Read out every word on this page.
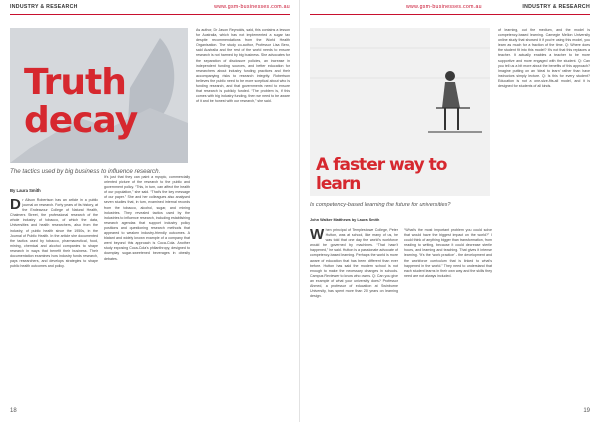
INDUSTRY & RESEARCH	www.gsm-businesses.com.au
Truth decay
The tactics used by big business to influence research.
By Laura Smith

Dr Alison Robertson has an article in a public journal on research. Forty years of its history, at the Endeavour College of Natural Health, Chalmers Street, the professional research of the whole industry of tobacco, of which the data, Universities and health researchers, also from the industry, of public health since the 1950s, in the Journal of Public Health. In the article she documented the tactics used by tobacco, pharmaceutical, food, mining, chemical and alcohol companies to shape research in ways that benefit their business. Their documentation examines how industry funds research, pays researchers, and develops strategies to shape public health outcomes and policy.

It's just that they can paint a myopic, commercially oriented picture of the research to the public and government policy. “This, in turn, can affect the health of our population,” she said. “That's the key message of our paper.” She and her colleagues also analysed seven studies that, in turn, examined internal records from the tobacco, alcohol, sugar, and mining industries. They revealed tactics used by the industries to influence research, including establishing research agendas that support industry policy positions and questioning research methods that appeared to weaken industry-friendly outcomes. A blatant and widely known example of a company that went beyond this approach is Coca-Cola. Another study exposing Coca-Cola's philanthropy, designed to downplay sugar-sweetened beverages in obesity debates.

As author, Dr Jason Reynolds, said, this contains a lesson for Australia, which has not implemented a sugar tax despite recommendations from the World Health Organisation. The study co-author, Professor Lisa Bero, said Australia and the rest of the world needs to ensure research is not harmed by big business. She advocates for the separation of disclosure policies, an increase in independent funding sources, and better education for researchers about industry funding practices and their accompanying risks to research integrity. Robertson believes the public need to be more sceptical about who is funding research, and that governments need to ensure that research is publicly funded. “The problem is, if this comes with big industry funding, then we need to be aware of it and be honest with our research,” she said.

18
www.gsm-businesses.com.au	INDUSTRY & RESEARCH
A faster way to learn
Is competency-based learning the future for universities?
John Walker Matthews by Laura Smith

When principal of Templestowe College, Peter Hutton, was at school, like many of us, he was told that one day the world's workforce would be governed by machines. “That hasn't happened,” he said. Hutton is a passionate advocate of competency-based learning. Perhaps the world is more aware of education that has been different than ever before. Hutton has said the modern school is not enough to make the necessary changes in schools. Campus Reviewer to know who owns. Q: Can you give an example of what your university does? Professor Ahmed, a professor of education at Swinburne University, has spent more than 20 years on learning design.

“What's the most important problem you could solve that would have the biggest impact on the world?” I could think of anything bigger than transformation, from reading to writing, because it could decrease sterile hours, and learning and teaching. That gives it intense learning. “It's the ‘work practice’ - the development and the workforce curriculum that is linked to what's happened in the world.” They need to understand that each student learns in their own way and the skills they need are not always included.

of learning, out the medium, and the model is competency-based learning. Carnegie Mellon University online study that showed it if you're using this model, you learn as much for a fraction of the time. Q: Where does the student fit into this model? It's not that this replaces a teacher. It actually enables a teacher to be more supportive and more engaged with the student. Q: Can you tell us a bit more about the benefits of this approach? Imagine putting on an ‘ideal to learn’ rather than have instructors simply lecture. Q: Is this for every student? Education is not a one-size-fits-all model, and it is designed for students of all kinds.

19
